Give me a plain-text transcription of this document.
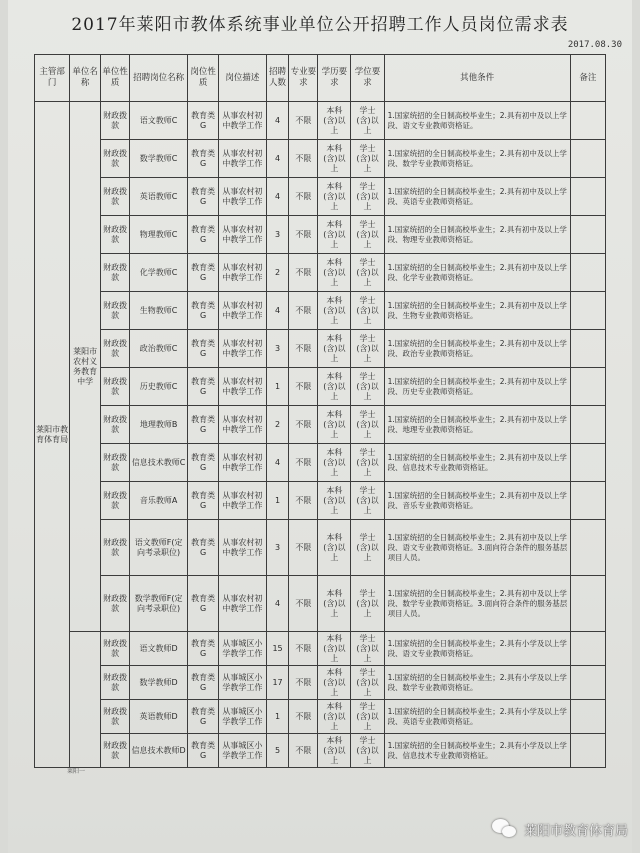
2017年莱阳市教体系统事业单位公开招聘工作人员岗位需求表
2017.08.30
主管部门	单位名称	单位性质	招聘岗位名称	岗位性质	岗位描述	招聘人数	专业要求	学历要求	学位要求	其他条件	备注
莱阳市教育体育局	莱阳市农村义务教育中学	财政拨款	语文教师C	教育类G	从事农村初中教学工作	4	不限	本科(含)以上	学士(含)以上	1.国家统招的全日制高校毕业生；2.具有初中及以上学段、语文专业教师资格证。	
		财政拨款	数学教师C	教育类G	从事农村初中教学工作	4	不限	本科(含)以上	学士(含)以上	1.国家统招的全日制高校毕业生；2.具有初中及以上学段、数学专业教师资格证。	
		财政拨款	英语教师C	教育类G	从事农村初中教学工作	4	不限	本科(含)以上	学士(含)以上	1.国家统招的全日制高校毕业生；2.具有初中及以上学段、英语专业教师资格证。	
		财政拨款	物理教师C	教育类G	从事农村初中教学工作	3	不限	本科(含)以上	学士(含)以上	1.国家统招的全日制高校毕业生；2.具有初中及以上学段、物理专业教师资格证。	
		财政拨款	化学教师C	教育类G	从事农村初中教学工作	2	不限	本科(含)以上	学士(含)以上	1.国家统招的全日制高校毕业生；2.具有初中及以上学段、化学专业教师资格证。	
		财政拨款	生物教师C	教育类G	从事农村初中教学工作	4	不限	本科(含)以上	学士(含)以上	1.国家统招的全日制高校毕业生；2.具有初中及以上学段、生物专业教师资格证。	
		财政拨款	政治教师C	教育类G	从事农村初中教学工作	3	不限	本科(含)以上	学士(含)以上	1.国家统招的全日制高校毕业生；2.具有初中及以上学段、政治专业教师资格证。	
		财政拨款	历史教师C	教育类G	从事农村初中教学工作	1	不限	本科(含)以上	学士(含)以上	1.国家统招的全日制高校毕业生；2.具有初中及以上学段、历史专业教师资格证。	
		财政拨款	地理教师B	教育类G	从事农村初中教学工作	2	不限	本科(含)以上	学士(含)以上	1.国家统招的全日制高校毕业生；2.具有初中及以上学段、地理专业教师资格证。	
		财政拨款	信息技术教师C	教育类G	从事农村初中教学工作	4	不限	本科(含)以上	学士(含)以上	1.国家统招的全日制高校毕业生；2.具有初中及以上学段、信息技术专业教师资格证。	
		财政拨款	音乐教师A	教育类G	从事农村初中教学工作	1	不限	本科(含)以上	学士(含)以上	1.国家统招的全日制高校毕业生；2.具有初中及以上学段、音乐专业教师资格证。	
		财政拨款	语文教师F(定向考录职位)	教育类G	从事农村初中教学工作	3	不限	本科(含)以上	学士(含)以上	1.国家统招的全日制高校毕业生；2.具有初中及以上学段、语文专业教师资格证。3.面向符合条件的服务基层项目人员。	
		财政拨款	数学教师F(定向考录职位)	教育类G	从事农村初中教学工作	4	不限	本科(含)以上	学士(含)以上	1.国家统招的全日制高校毕业生；2.具有初中及以上学段、数学专业教师资格证。3.面向符合条件的服务基层项目人员。	
		财政拨款	语文教师D	教育类G	从事城区小学教学工作	15	不限	本科(含)以上	学士(含)以上	1.国家统招的全日制高校毕业生；2.具有小学及以上学段、语文专业教师资格证。	
		财政拨款	数学教师D	教育类G	从事城区小学教学工作	17	不限	本科(含)以上	学士(含)以上	1.国家统招的全日制高校毕业生；2.具有小学及以上学段、数学专业教师资格证。	
		财政拨款	英语教师D	教育类G	从事城区小学教学工作	1	不限	本科(含)以上	学士(含)以上	1.国家统招的全日制高校毕业生；2.具有小学及以上学段、英语专业教师资格证。	
		财政拨款	信息技术教师D	教育类G	从事城区小学教学工作	5	不限	本科(含)以上	学士(含)以上	1.国家统招的全日制高校毕业生；2.具有小学及以上学段、信息技术专业教师资格证。	
莱阳一
莱阳市教育体育局
